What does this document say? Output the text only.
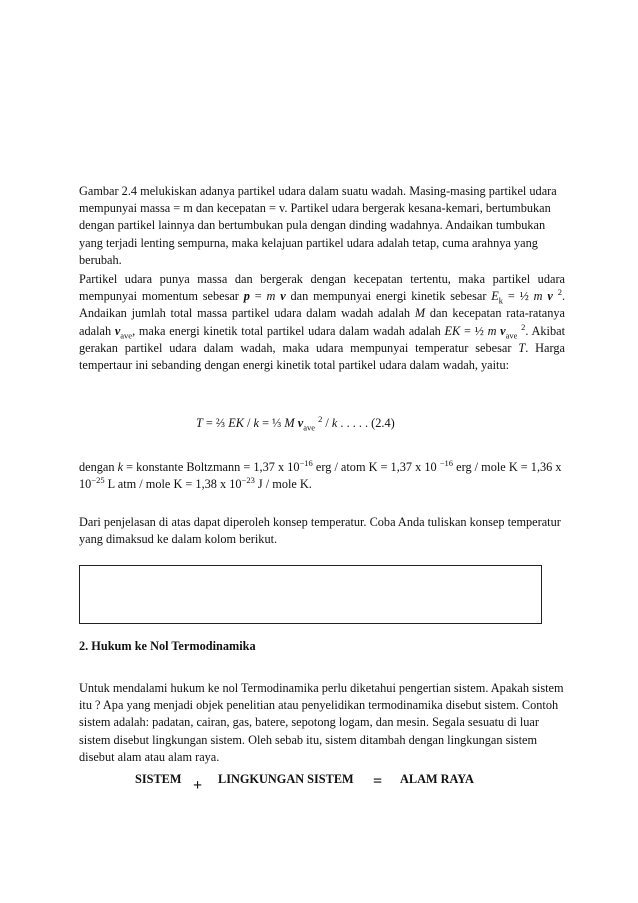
Gambar 2.4 melukiskan adanya partikel udara dalam suatu wadah. Masing-masing partikel udara mempunyai massa = m dan kecepatan = v. Partikel udara bergerak kesana-kemari, bertumbukan dengan partikel lainnya dan bertumbukan pula dengan dinding wadahnya. Andaikan tumbukan yang terjadi lenting sempurna, maka kelajuan partikel udara adalah tetap, cuma arahnya yang berubah.

Partikel udara punya massa dan bergerak dengan kecepatan tertentu, maka partikel udara mempunyai momentum sebesar p = m v dan mempunyai energi kinetik sebesar $E_k$ = ½ m v $^2$. Andaikan jumlah total massa partikel udara dalam wadah adalah M dan kecepatan rata-ratanya adalah $v_{ave}$, maka energi kinetik total partikel udara dalam wadah adalah EK = ½ m $v_{ave}$ $^2$. Akibat gerakan partikel udara dalam wadah, maka udara mempunyai temperatur sebesar T. Harga tempertaur ini sebanding dengan energi kinetik total partikel udara dalam wadah, yaitu:

T = ⅔ EK / k = ⅓ M $v_{ave}$ $^2$ / k . . . . . (2.4)

dengan k = konstante Boltzmann = 1,37 x $10^{-16}$ erg / atom K = 1,37 x 10 $^{-16}$ erg / mole K = 1,36 x $10^{-25}$ L atm / mole K = 1,38 x $10^{-23}$ J / mole K.

Dari penjelasan di atas dapat diperoleh konsep temperatur. Coba Anda tuliskan konsep temperatur yang dimaksud ke dalam kolom berikut.

2. Hukum ke Nol Termodinamika

Untuk mendalami hukum ke nol Termodinamika perlu diketahui pengertian sistem. Apakah sistem itu ? Apa yang menjadi objek penelitian atau penyelidikan termodinamika disebut sistem. Contoh sistem adalah: padatan, cairan, gas, batere, sepotong logam, dan mesin. Segala sesuatu di luar sistem disebut lingkungan sistem. Oleh sebab itu, sistem ditambah dengan lingkungan sistem disebut alam atau alam raya.

SISTEM + LINGKUNGAN SISTEM = ALAM RAYA
